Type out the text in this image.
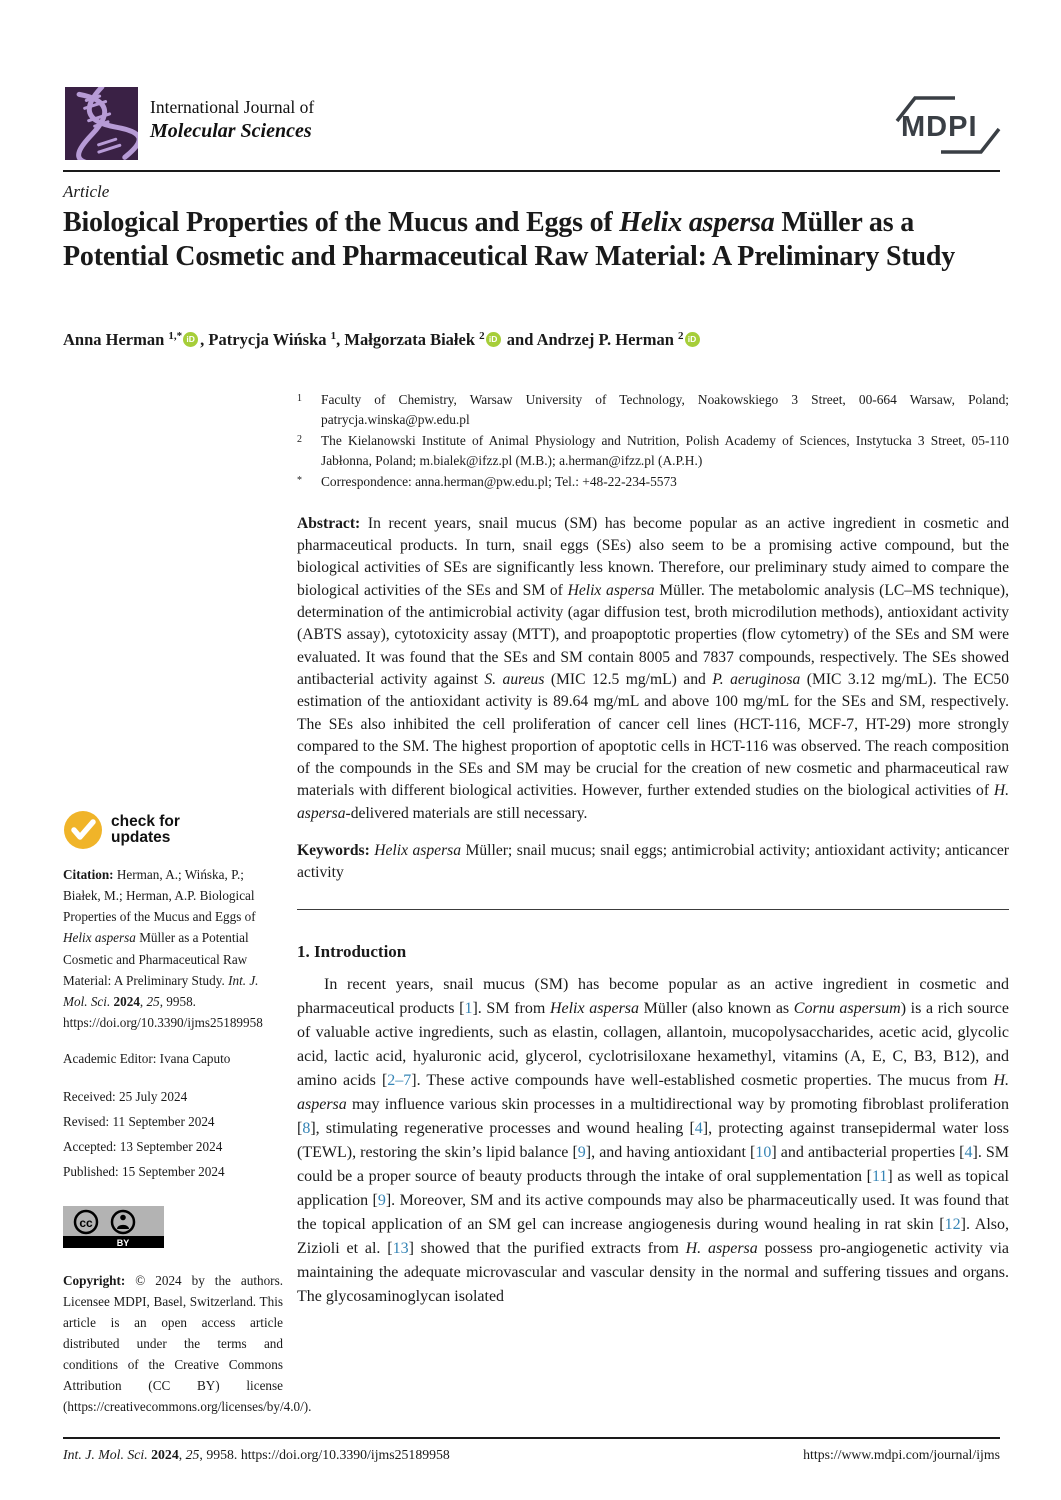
International Journal of
Molecular Sciences	MDPI
Article
Biological Properties of the Mucus and Eggs of Helix aspersa Müller as a Potential Cosmetic and Pharmaceutical Raw Material: A Preliminary Study
Anna Herman $^{1,*}$ iD , Patrycja Wińska $^1$, Małgorzata Białek $^2$ iD and Andrzej P. Herman $^2$ iD
1	Faculty of Chemistry, Warsaw University of Technology, Noakowskiego 3 Street, 00-664 Warsaw, Poland; patrycja.winska@pw.edu.pl
2	The Kielanowski Institute of Animal Physiology and Nutrition, Polish Academy of Sciences, Instytucka 3 Street, 05-110 Jabłonna, Poland; m.bialek@ifzz.pl (M.B.); a.herman@ifzz.pl (A.P.H.)
*	Correspondence: anna.herman@pw.edu.pl; Tel.: +48-22-234-5573

Abstract: In recent years, snail mucus (SM) has become popular as an active ingredient in cosmetic and pharmaceutical products. In turn, snail eggs (SEs) also seem to be a promising active compound, but the biological activities of SEs are significantly less known. Therefore, our preliminary study aimed to compare the biological activities of the SEs and SM of Helix aspersa Müller. The metabolomic analysis (LC–MS technique), determination of the antimicrobial activity (agar diffusion test, broth microdilution methods), antioxidant activity (ABTS assay), cytotoxicity assay (MTT), and proapoptotic properties (flow cytometry) of the SEs and SM were evaluated. It was found that the SEs and SM contain 8005 and 7837 compounds, respectively. The SEs showed antibacterial activity against S. aureus (MIC 12.5 mg/mL) and P. aeruginosa (MIC 3.12 mg/mL). The EC50 estimation of the antioxidant activity is 89.64 mg/mL and above 100 mg/mL for the SEs and SM, respectively. The SEs also inhibited the cell proliferation of cancer cell lines (HCT-116, MCF-7, HT-29) more strongly compared to the SM. The highest proportion of apoptotic cells in HCT-116 was observed. The reach composition of the compounds in the SEs and SM may be crucial for the creation of new cosmetic and pharmaceutical raw materials with different biological activities. However, further extended studies on the biological activities of H. aspersa-delivered materials are still necessary.

Keywords: Helix aspersa Müller; snail mucus; snail eggs; antimicrobial activity; antioxidant activity; anticancer activity

1. Introduction

In recent years, snail mucus (SM) has become popular as an active ingredient in cosmetic and pharmaceutical products [1]. SM from Helix aspersa Müller (also known as Cornu aspersum) is a rich source of valuable active ingredients, such as elastin, collagen, allantoin, mucopolysaccharides, acetic acid, glycolic acid, lactic acid, hyaluronic acid, glycerol, cyclotrisiloxane hexamethyl, vitamins (A, E, C, B3, B12), and amino acids [2–7]. These active compounds have well-established cosmetic properties. The mucus from H. aspersa may influence various skin processes in a multidirectional way by promoting fibroblast proliferation [8], stimulating regenerative processes and wound healing [4], protecting against transepidermal water loss (TEWL), restoring the skin’s lipid balance [9], and having antioxidant [10] and antibacterial properties [4]. SM could be a proper source of beauty products through the intake of oral supplementation [11] as well as topical application [9]. Moreover, SM and its active compounds may also be pharmaceutically used. It was found that the topical application of an SM gel can increase angiogenesis during wound healing in rat skin [12]. Also, Zizioli et al. [13] showed that the purified extracts from H. aspersa possess pro-angiogenetic activity via maintaining the adequate microvascular and vascular density in the normal and suffering tissues and organs. The glycosaminoglycan isolated

check for
updates

Citation: Herman, A.; Wińska, P.; Białek, M.; Herman, A.P. Biological Properties of the Mucus and Eggs of Helix aspersa Müller as a Potential Cosmetic and Pharmaceutical Raw Material: A Preliminary Study. Int. J. Mol. Sci. 2024, 25, 9958. https://doi.org/10.3390/ijms25189958

Academic Editor: Ivana Caputo

Received: 25 July 2024
Revised: 11 September 2024
Accepted: 13 September 2024
Published: 15 September 2024
cc
BY

Copyright: © 2024 by the authors. Licensee MDPI, Basel, Switzerland. This article is an open access article distributed under the terms and conditions of the Creative Commons Attribution (CC BY) license (https://creativecommons.org/licenses/by/4.0/).

Int. J. Mol. Sci. 2024, 25, 9958. https://doi.org/10.3390/ijms25189958	https://www.mdpi.com/journal/ijms
